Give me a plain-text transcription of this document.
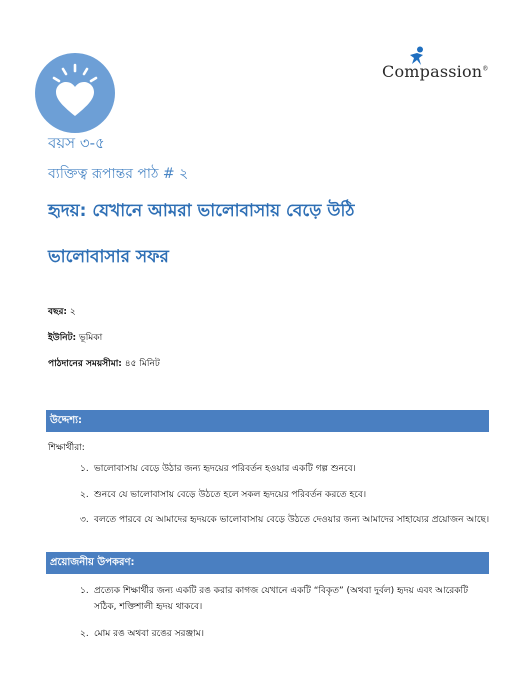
Compassion®
বয়স ৩-৫
ব্যক্তিত্ব রূপান্তর পাঠ # ২
হৃদয়: যেখানে আমরা ভালোবাসায় বেড়ে উঠি
ভালোবাসার সফর
বছর: ২
ইউনিট: ভূমিকা
পাঠদানের সময়সীমা: ৪৫ মিনিট
উদ্দেশ্য:
শিক্ষার্থীরা:
১. ভালোবাসায় বেড়ে উঠার জন্য হৃদয়ের পরিবর্তন হওয়ার একটি গল্প শুনবে।
২. শুনবে যে ভালোবাসায় বেড়ে উঠতে হলে সকল হৃদয়ের পরিবর্তন করতে হবে।
৩. বলতে পারবে যে আমাদের হৃদয়কে ভালোবাসায় বেড়ে উঠতে দেওয়ার জন্য আমাদের সাহায্যের প্রয়োজন আছে।
প্রয়োজনীয় উপকরণ:
১. প্রত্যেক শিক্ষার্থীর জন্য একটি রঙ করার কাগজ যেখানে একটি “বিকৃত” (অথবা দুর্বল) হৃদয় এবং আরেকটি সঠিক, শক্তিশালী হৃদয় থাকবে।
২. মোম রঙ অথবা রঙের সরঞ্জাম।
